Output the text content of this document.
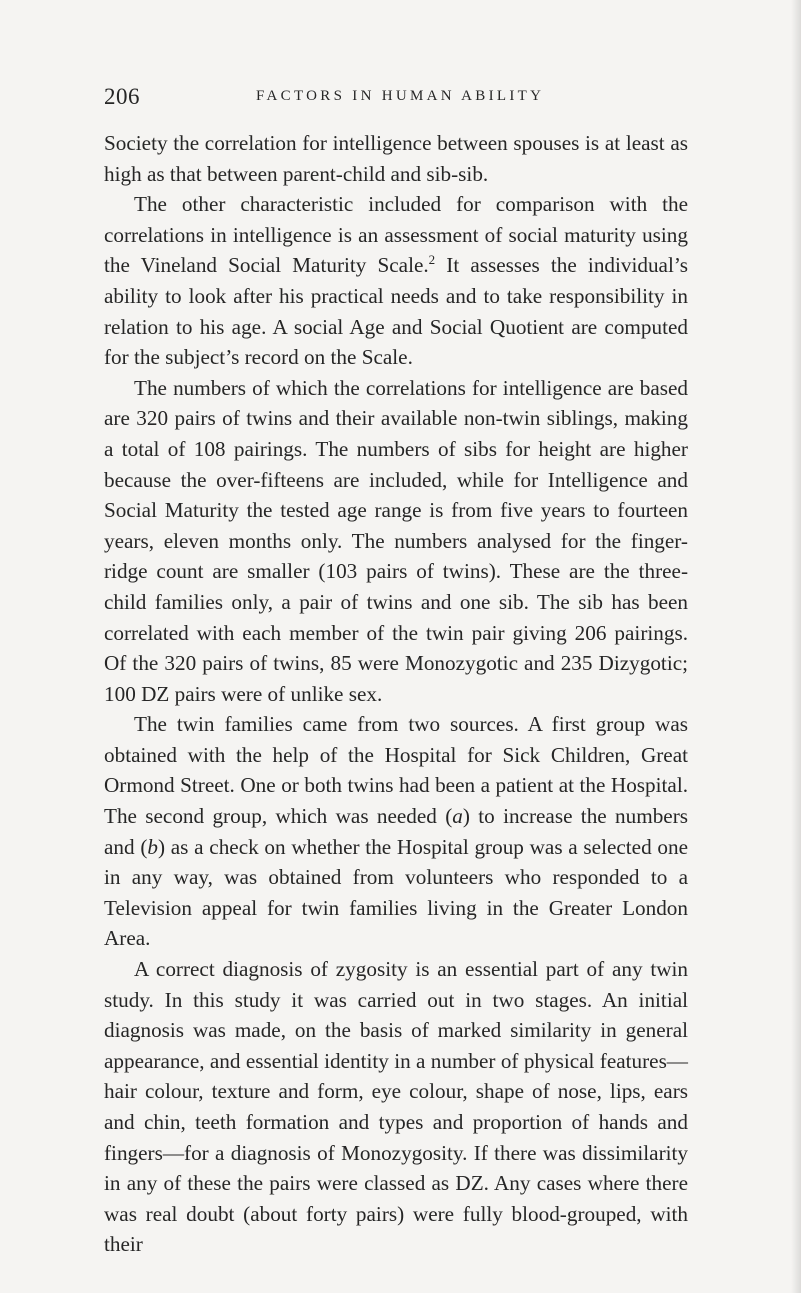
206	FACTORS IN HUMAN ABILITY

Society the correlation for intelligence between spouses is at least as high as that between parent-child and sib-sib.

The other characteristic included for comparison with the correlations in intelligence is an assessment of social maturity using the Vineland Social Maturity Scale.$^2$ It assesses the individual’s ability to look after his practical needs and to take responsibility in relation to his age. A social Age and Social Quotient are computed for the subject’s record on the Scale.

The numbers of which the correlations for intelligence are based are 320 pairs of twins and their available non-twin siblings, making a total of 108 pairings. The numbers of sibs for height are higher because the over-fifteens are included, while for Intelligence and Social Maturity the tested age range is from five years to fourteen years, eleven months only. The numbers analysed for the finger-ridge count are smaller (103 pairs of twins). These are the three-child families only, a pair of twins and one sib. The sib has been correlated with each member of the twin pair giving 206 pairings. Of the 320 pairs of twins, 85 were Monozygotic and 235 Dizygotic; 100 DZ pairs were of unlike sex.

The twin families came from two sources. A first group was obtained with the help of the Hospital for Sick Children, Great Ormond Street. One or both twins had been a patient at the Hospital. The second group, which was needed (a) to increase the numbers and (b) as a check on whether the Hospital group was a selected one in any way, was obtained from volunteers who responded to a Television appeal for twin families living in the Greater London Area.

A correct diagnosis of zygosity is an essential part of any twin study. In this study it was carried out in two stages. An initial diagnosis was made, on the basis of marked similarity in general appearance, and essential identity in a number of physical features—hair colour, texture and form, eye colour, shape of nose, lips, ears and chin, teeth formation and types and proportion of hands and fingers—for a diagnosis of Monozygosity. If there was dissimilarity in any of these the pairs were classed as DZ. Any cases where there was real doubt (about forty pairs) were fully blood-grouped, with their
